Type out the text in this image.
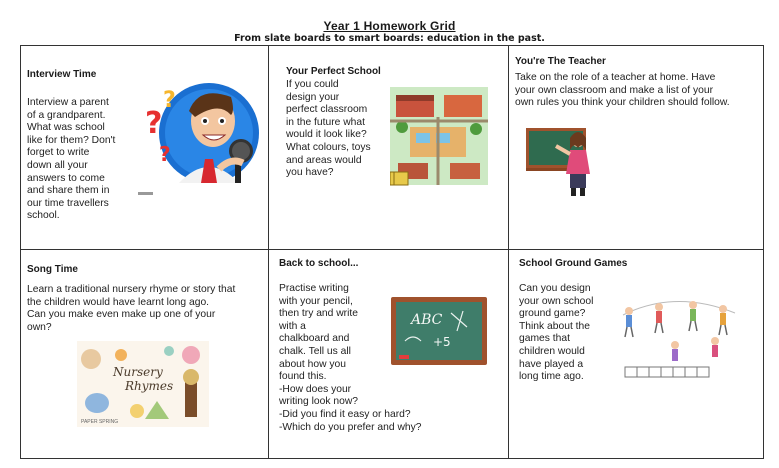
Year 1 Homework Grid
From slate boards to smart boards: education in the past.
Interview Time
Interview a parent
of a grandparent.
What was school
like for them? Don't
forget to write
down all your
answers to come
and share them in
our time travellers
school.
?
?
?
Your Perfect School
If you could
design your
perfect classroom
in the future what
would it look like?
What colours, toys
and areas would
you have?
You're The Teacher
Take on the role of a teacher at home. Have
your own classroom and make a list of your
own rules you think your children should follow.
Song Time
Learn a traditional nursery rhyme or story that
the children would have learnt long ago.
Can you make even make up one of your
own?
Nursery
Rhymes
PAPER SPRING
Back to school...
Practise writing
with your pencil,
then try and write
with a
chalkboard and
chalk. Tell us all
about how you
found this.
-How does your
writing look now?
-Did you find it easy or hard?
-Which do you prefer and why?
ABC
+5
School Ground Games
Can you design
your own school
ground game?
Think about the
games that
children would
have played a
long time ago.
